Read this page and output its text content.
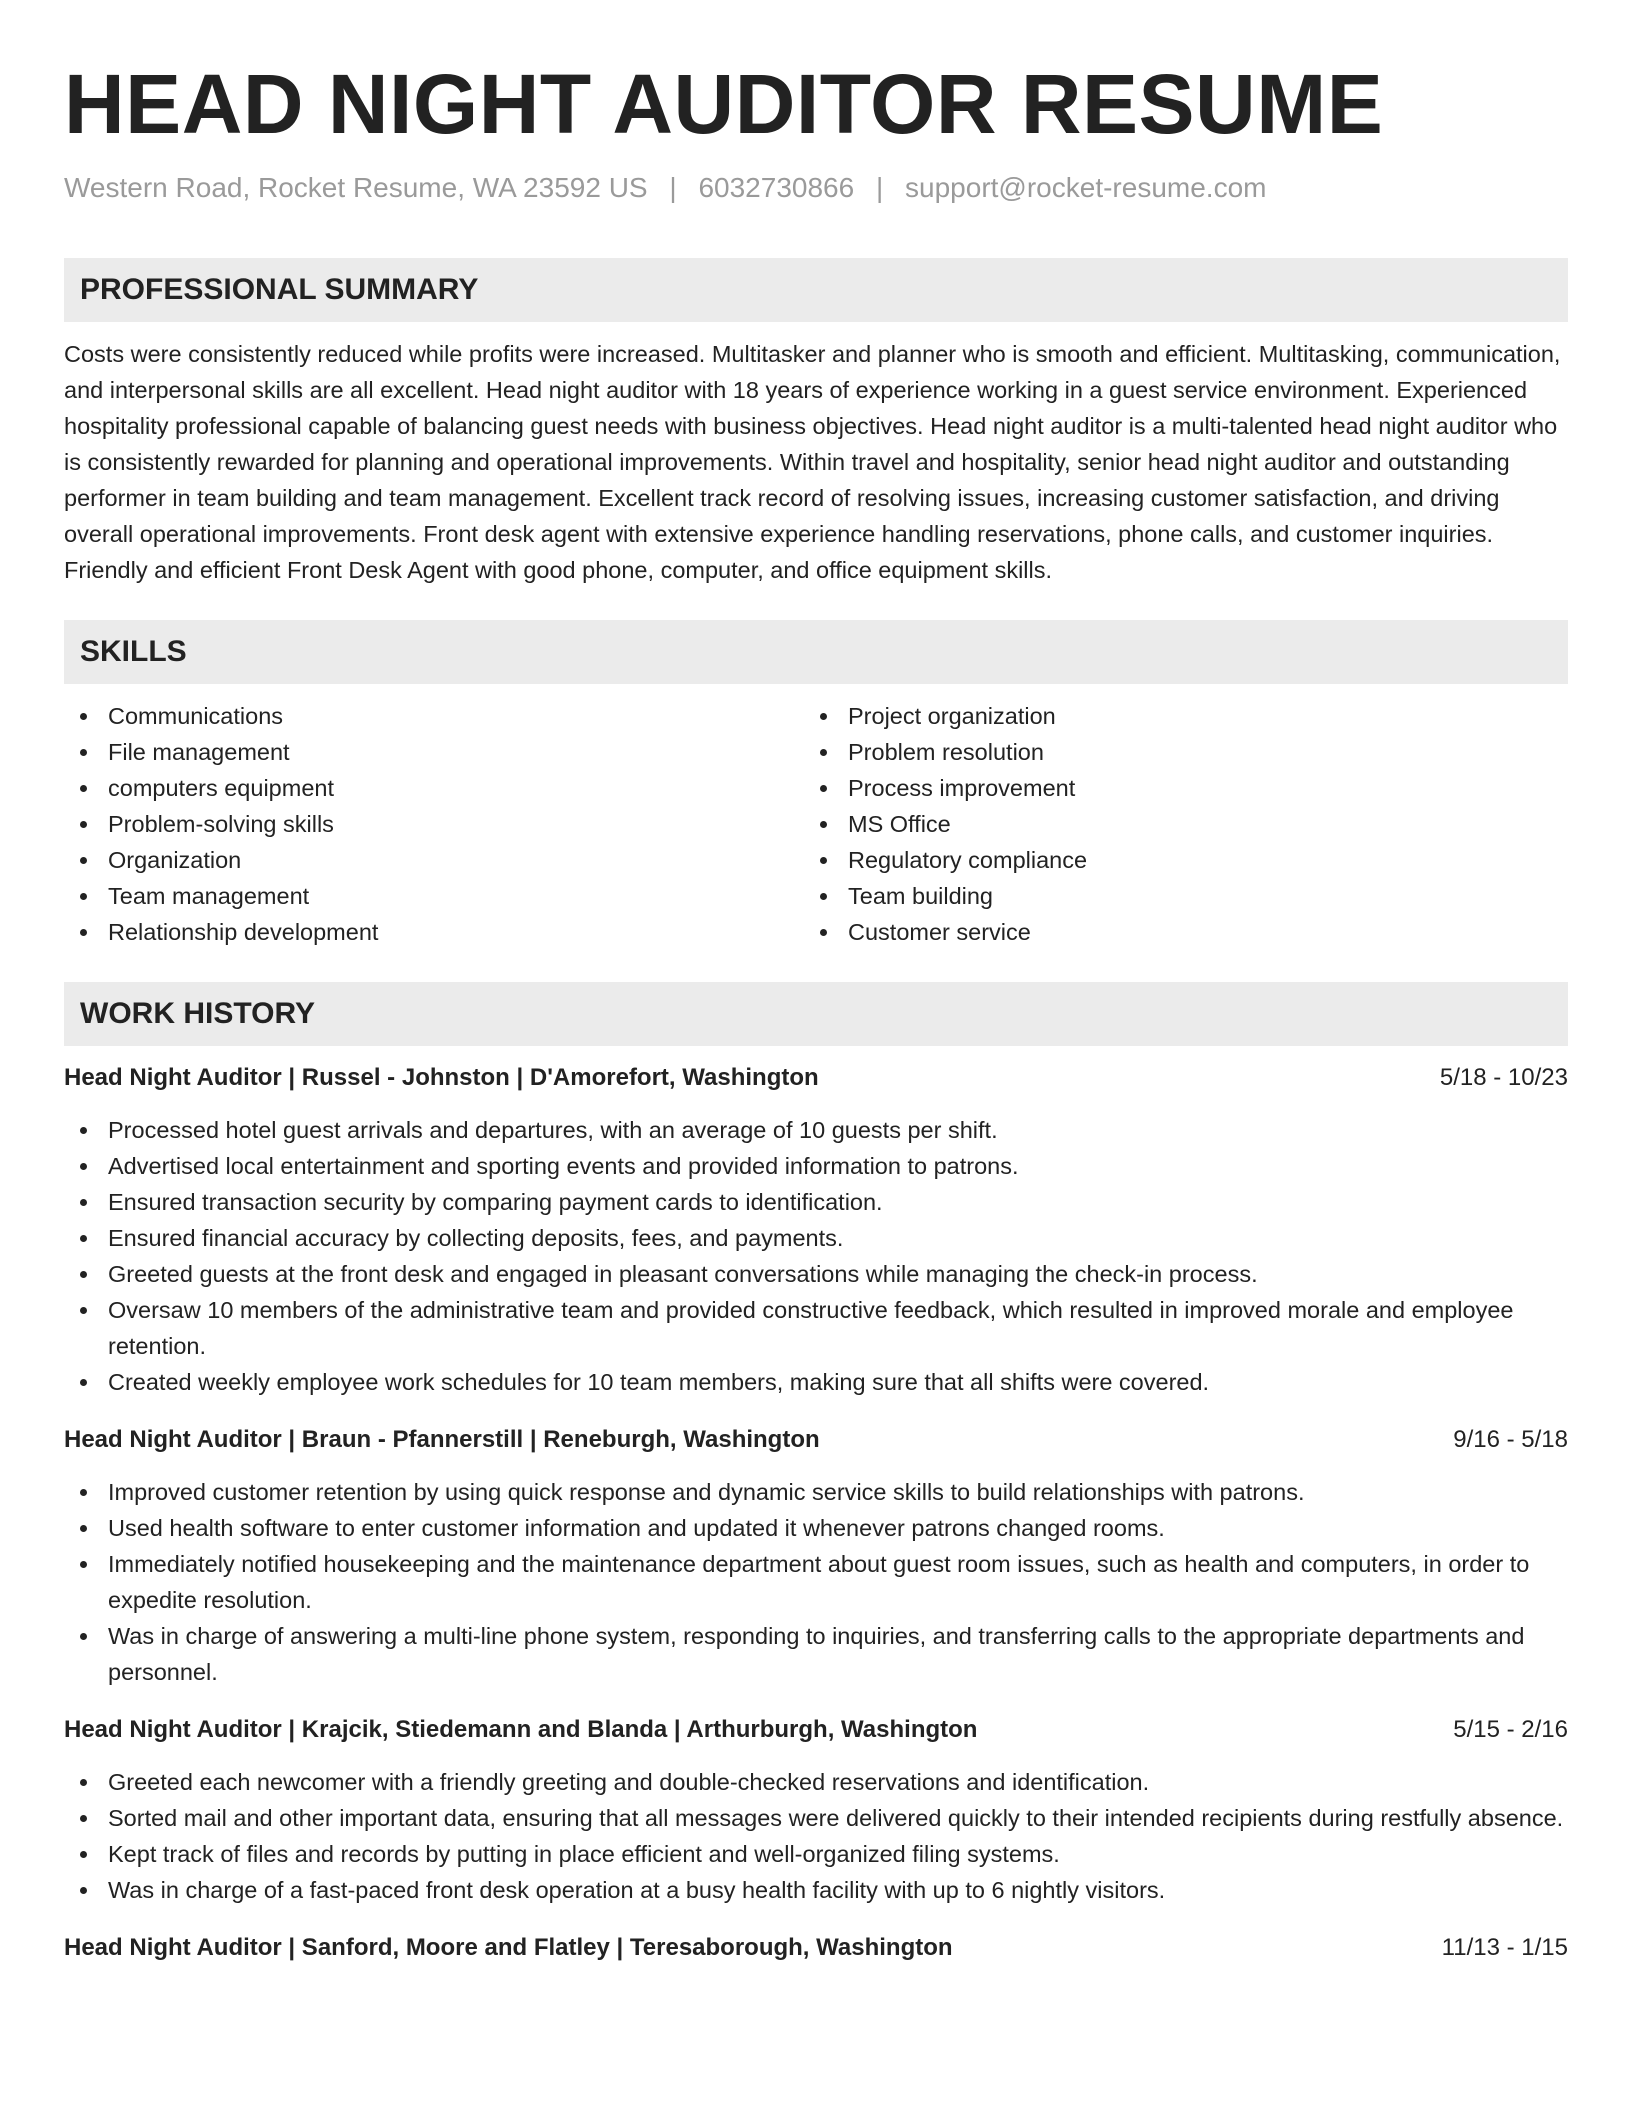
HEAD NIGHT AUDITOR RESUME
Western Road, Rocket Resume, WA 23592 US | 6032730866 | support@rocket-resume.com
PROFESSIONAL SUMMARY
Costs were consistently reduced while profits were increased. Multitasker and planner who is smooth and efficient. Multitasking, communication, and interpersonal skills are all excellent. Head night auditor with 18 years of experience working in a guest service environment. Experienced hospitality professional capable of balancing guest needs with business objectives. Head night auditor is a multi-talented head night auditor who is consistently rewarded for planning and operational improvements. Within travel and hospitality, senior head night auditor and outstanding performer in team building and team management. Excellent track record of resolving issues, increasing customer satisfaction, and driving overall operational improvements. Front desk agent with extensive experience handling reservations, phone calls, and customer inquiries. Friendly and efficient Front Desk Agent with good phone, computer, and office equipment skills.
SKILLS
Communications
File management
computers equipment
Problem-solving skills
Organization
Team management
Relationship development
Project organization
Problem resolution
Process improvement
MS Office
Regulatory compliance
Team building
Customer service
WORK HISTORY
Head Night Auditor | Russel - Johnston | D'Amorefort, Washington	5/18 - 10/23
Processed hotel guest arrivals and departures, with an average of 10 guests per shift.
Advertised local entertainment and sporting events and provided information to patrons.
Ensured transaction security by comparing payment cards to identification.
Ensured financial accuracy by collecting deposits, fees, and payments.
Greeted guests at the front desk and engaged in pleasant conversations while managing the check-in process.
Oversaw 10 members of the administrative team and provided constructive feedback, which resulted in improved morale and employee retention.
Created weekly employee work schedules for 10 team members, making sure that all shifts were covered.
Head Night Auditor | Braun - Pfannerstill | Reneburgh, Washington	9/16 - 5/18
Improved customer retention by using quick response and dynamic service skills to build relationships with patrons.
Used health software to enter customer information and updated it whenever patrons changed rooms.
Immediately notified housekeeping and the maintenance department about guest room issues, such as health and computers, in order to expedite resolution.
Was in charge of answering a multi-line phone system, responding to inquiries, and transferring calls to the appropriate departments and personnel.
Head Night Auditor | Krajcik, Stiedemann and Blanda | Arthurburgh, Washington	5/15 - 2/16
Greeted each newcomer with a friendly greeting and double-checked reservations and identification.
Sorted mail and other important data, ensuring that all messages were delivered quickly to their intended recipients during restfully absence.
Kept track of files and records by putting in place efficient and well-organized filing systems.
Was in charge of a fast-paced front desk operation at a busy health facility with up to 6 nightly visitors.
Head Night Auditor | Sanford, Moore and Flatley | Teresaborough, Washington	11/13 - 1/15
